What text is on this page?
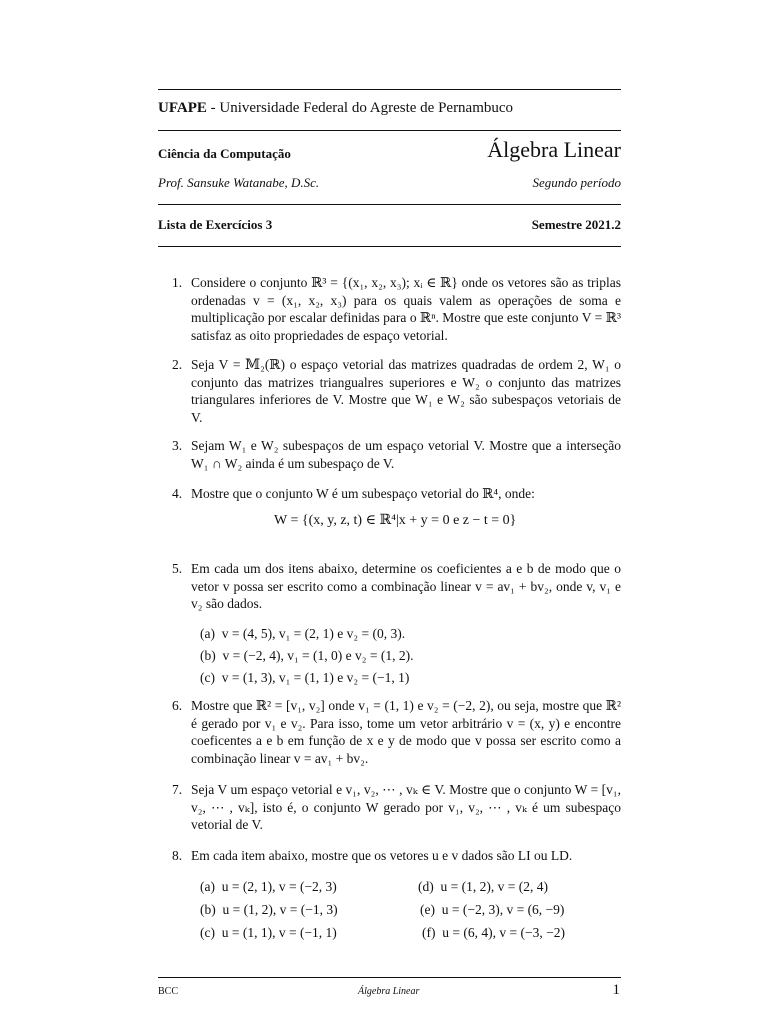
UFAPE - Universidade Federal do Agreste de Pernambuco
Ciência da Computação	Álgebra Linear
Prof. Sansuke Watanabe, D.Sc.	Segundo período
Lista de Exercícios 3	Semestre 2021.2
1. Considere o conjunto ℝ³ = {(x₁, x₂, x₃); xᵢ ∈ ℝ} onde os vetores são as triplas ordenadas v = (x₁, x₂, x₃) para os quais valem as operações de soma e multiplicação por escalar definidas para o ℝⁿ. Mostre que este conjunto V = ℝ³ satisfaz as oito propriedades de espaço vetorial.
2. Seja V = 𝕄₂(ℝ) o espaço vetorial das matrizes quadradas de ordem 2, W₁ o conjunto das matrizes triangualres superiores e W₂ o conjunto das matrizes triangulares inferiores de V. Mostre que W₁ e W₂ são subespaços vetoriais de V.
3. Sejam W₁ e W₂ subespaços de um espaço vetorial V. Mostre que a interseção W₁ ∩ W₂ ainda é um subespaço de V.
4. Mostre que o conjunto W é um subespaço vetorial do ℝ⁴, onde:
W = {(x, y, z, t) ∈ ℝ⁴|x + y = 0 e z − t = 0}
5. Em cada um dos itens abaixo, determine os coeficientes a e b de modo que o vetor v possa ser escrito como a combinação linear v = av₁ + bv₂, onde v, v₁ e v₂ são dados.
(a) v = (4, 5), v₁ = (2, 1) e v₂ = (0, 3).
(b) v = (−2, 4), v₁ = (1, 0) e v₂ = (1, 2).
(c) v = (1, 3), v₁ = (1, 1) e v₂ = (−1, 1)
6. Mostre que ℝ² = [v₁, v₂] onde v₁ = (1, 1) e v₂ = (−2, 2), ou seja, mostre que ℝ² é gerado por v₁ e v₂. Para isso, tome um vetor arbitrário v = (x, y) e encontre coeficentes a e b em função de x e y de modo que v possa ser escrito como a combinação linear v = av₁ + bv₂.
7. Seja V um espaço vetorial e v₁, v₂, ⋯ , vₖ ∈ V. Mostre que o conjunto W = [v₁, v₂, ⋯ , vₖ], isto é, o conjunto W gerado por v₁, v₂, ⋯ , vₖ é um subespaço vetorial de V.
8. Em cada item abaixo, mostre que os vetores u e v dados são LI ou LD.
(a) u = (2, 1), v = (−2, 3)
(b) u = (1, 2), v = (−1, 3)
(c) u = (1, 1), v = (−1, 1)
(d) u = (1, 2), v = (2, 4)
(e) u = (−2, 3), v = (6, −9)
(f) u = (6, 4), v = (−3, −2)
BCC	Álgebra Linear	1
